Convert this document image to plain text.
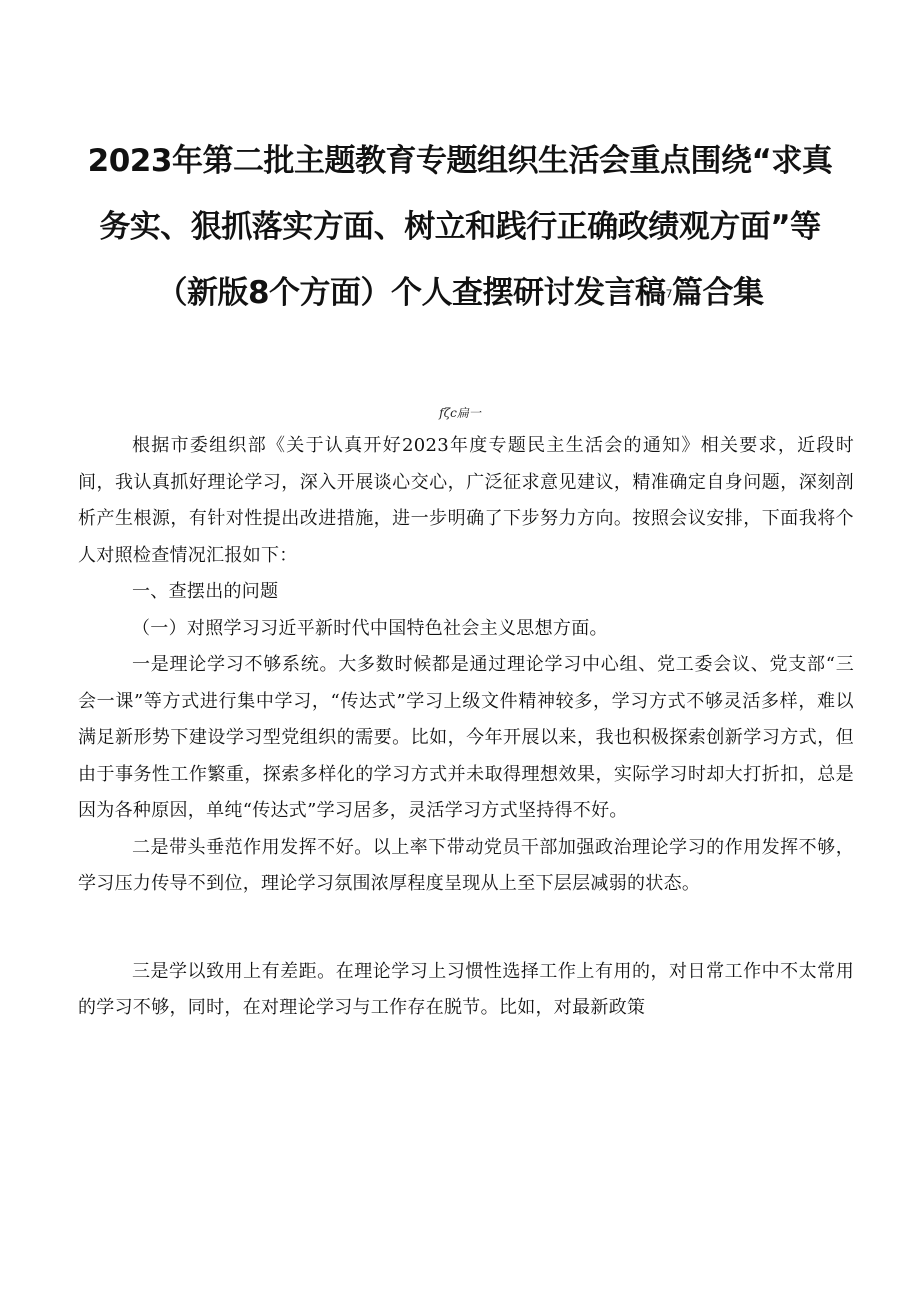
2023年第二批主题教育专题组织生活会重点围绕“求真
务实、狠抓落实方面、树立和践行正确政绩观方面”等
（新版8个方面）个人查摆研讨发言稿7篇合集
fζc扁一

根据市委组织部《关于认真开好2023年度专题民主生活会的通知》相关要求，近段时间，我认真抓好理论学习，深入开展谈心交心，广泛征求意见建议，精准确定自身问题，深刻剖析产生根源，有针对性提出改进措施，进一步明确了下步努力方向。按照会议安排，下面我将个人对照检查情况汇报如下：

一、查摆出的问题

（一）对照学习习近平新时代中国特色社会主义思想方面。

一是理论学习不够系统。大多数时候都是通过理论学习中心组、党工委会议、党支部“三会一课”等方式进行集中学习，“传达式”学习上级文件精神较多，学习方式不够灵活多样，难以满足新形势下建设学习型党组织的需要。比如，今年开展以来，我也积极探索创新学习方式，但由于事务性工作繁重，探索多样化的学习方式并未取得理想效果，实际学习时却大打折扣，总是因为各种原因，单纯“传达式”学习居多，灵活学习方式坚持得不好。

二是带头垂范作用发挥不好。以上率下带动党员干部加强政治理论学习的作用发挥不够，学习压力传导不到位，理论学习氛围浓厚程度呈现从上至下层层减弱的状态。

三是学以致用上有差距。在理论学习上习惯性选择工作上有用的，对日常工作中不太常用的学习不够，同时，在对理论学习与工作存在脱节。比如，对最新政策
